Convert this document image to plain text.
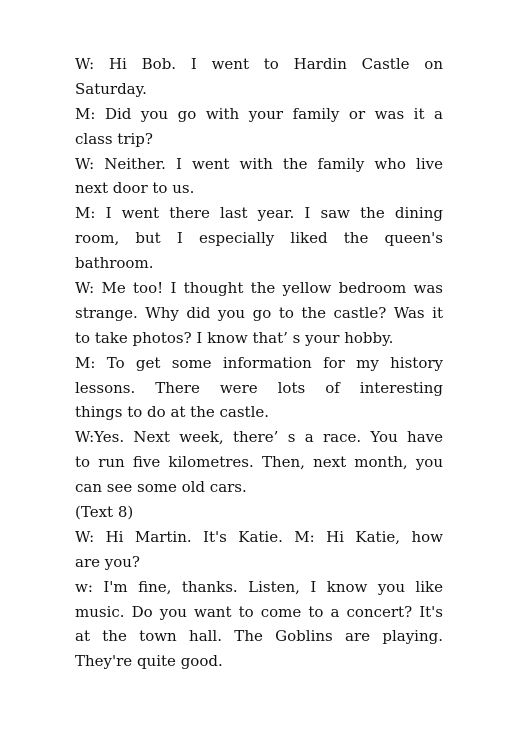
W: Hi Bob. I went to Hardin Castle on
Saturday.
M: Did you go with your family or was it a
class trip?
W: Neither. I went with the family who live
next door to us.
M: I went there last year. I saw the dining
room, but I especially liked the queen's
bathroom.
W: Me too! I thought the yellow bedroom was
strange. Why did you go to the castle? Was it
to take photos? I know that’ s your hobby.
M: To get some information for my history
lessons. There were lots of interesting
things to do at the castle.
W:Yes. Next week, there’ s a race. You have
to run five kilometres. Then, next month, you
can see some old cars.
(Text 8)
W: Hi Martin. It's Katie. M: Hi Katie, how
are you?
w: I'm fine, thanks. Listen, I know you like
music. Do you want to come to a concert? It's
at the town hall. The Goblins are playing.
They're quite good.
